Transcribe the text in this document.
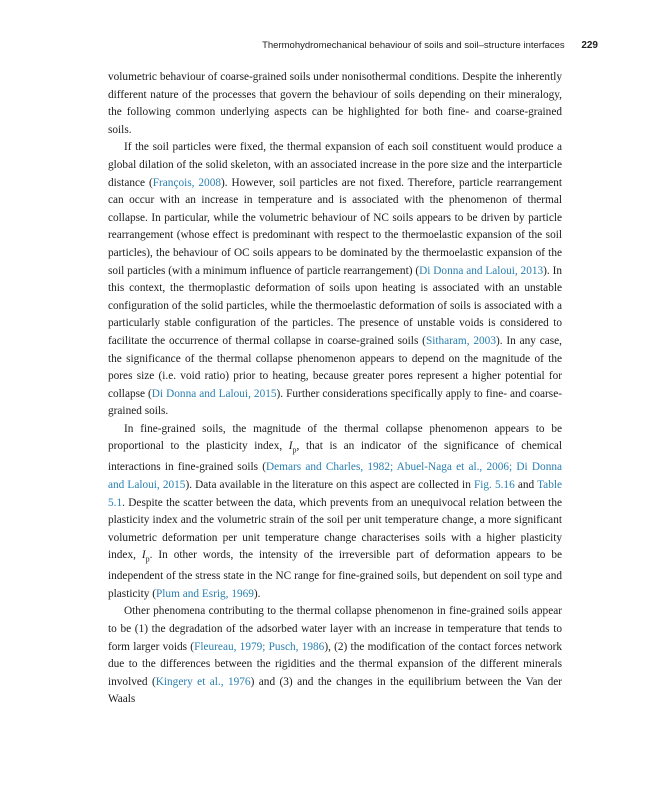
Thermohydromechanical behaviour of soils and soil–structure interfaces 229

volumetric behaviour of coarse-grained soils under nonisothermal conditions. Despite the inherently different nature of the processes that govern the behaviour of soils depending on their mineralogy, the following common underlying aspects can be highlighted for both fine- and coarse-grained soils.

If the soil particles were fixed, the thermal expansion of each soil constituent would produce a global dilation of the solid skeleton, with an associated increase in the pore size and the interparticle distance (François, 2008). However, soil particles are not fixed. Therefore, particle rearrangement can occur with an increase in temperature and is associated with the phenomenon of thermal collapse. In particular, while the volumetric behaviour of NC soils appears to be driven by particle rearrangement (whose effect is predominant with respect to the thermoelastic expansion of the soil particles), the behaviour of OC soils appears to be dominated by the thermoelastic expansion of the soil particles (with a minimum influence of particle rearrangement) (Di Donna and Laloui, 2013). In this context, the thermoplastic deformation of soils upon heating is associated with an unstable configuration of the solid particles, while the thermoelastic deformation of soils is associated with a particularly stable configuration of the particles. The presence of unstable voids is considered to facilitate the occurrence of thermal collapse in coarse-grained soils (Sitharam, 2003). In any case, the significance of the thermal collapse phenomenon appears to depend on the magnitude of the pores size (i.e. void ratio) prior to heating, because greater pores represent a higher potential for collapse (Di Donna and Laloui, 2015). Further considerations specifically apply to fine- and coarse-grained soils.

In fine-grained soils, the magnitude of the thermal collapse phenomenon appears to be proportional to the plasticity index, $I_p$, that is an indicator of the significance of chemical interactions in fine-grained soils (Demars and Charles, 1982; Abuel-Naga et al., 2006; Di Donna and Laloui, 2015). Data available in the literature on this aspect are collected in Fig. 5.16 and Table 5.1. Despite the scatter between the data, which prevents from an unequivocal relation between the plasticity index and the volumetric strain of the soil per unit temperature change, a more significant volumetric deformation per unit temperature change characterises soils with a higher plasticity index, $I_p$. In other words, the intensity of the irreversible part of deformation appears to be independent of the stress state in the NC range for fine-grained soils, but dependent on soil type and plasticity (Plum and Esrig, 1969).

Other phenomena contributing to the thermal collapse phenomenon in fine-grained soils appear to be (1) the degradation of the adsorbed water layer with an increase in temperature that tends to form larger voids (Fleureau, 1979; Pusch, 1986), (2) the modification of the contact forces network due to the differences between the rigidities and the thermal expansion of the different minerals involved (Kingery et al., 1976) and (3) and the changes in the equilibrium between the Van der Waals
